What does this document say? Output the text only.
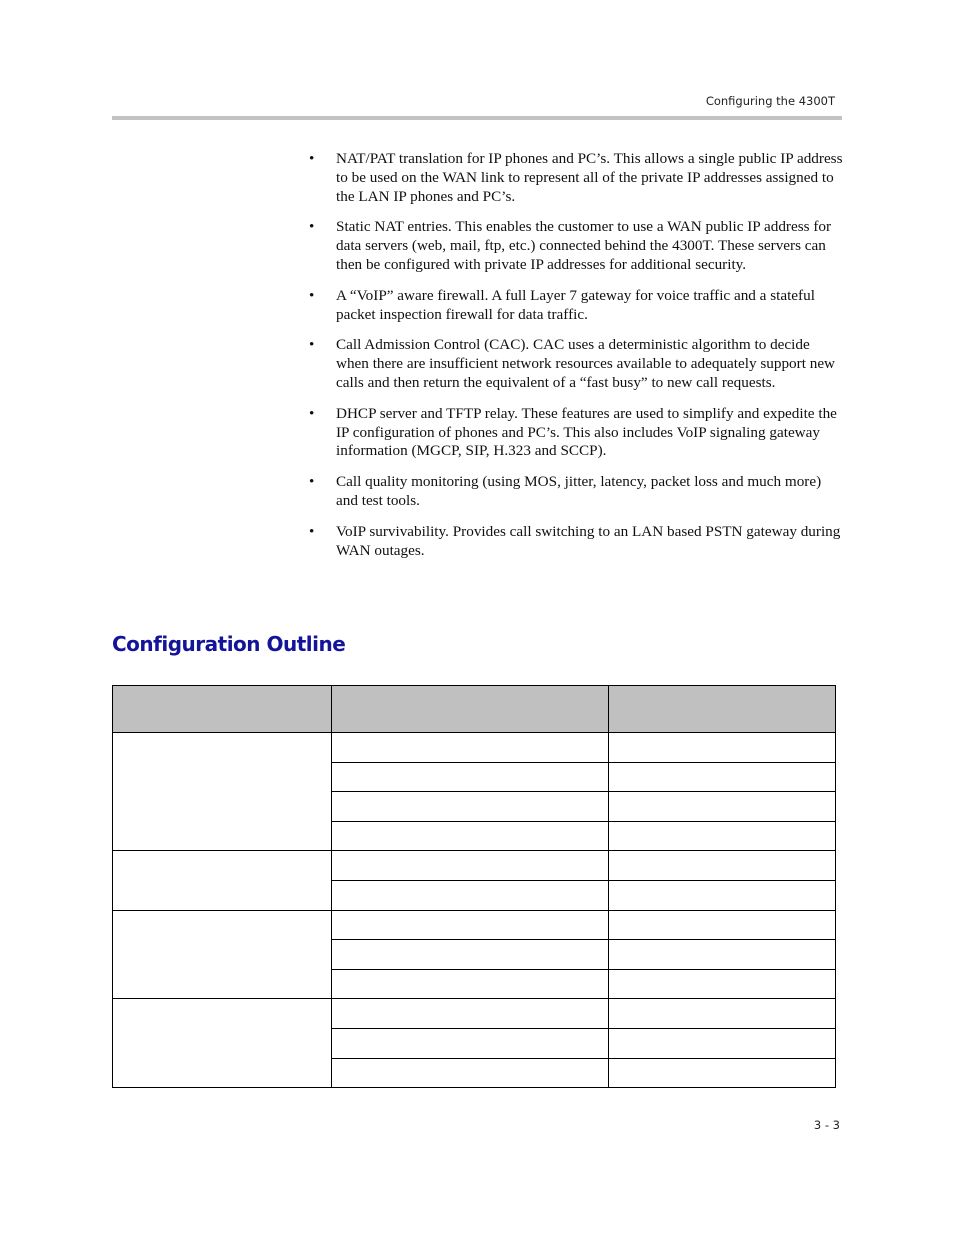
Configuring the 4300T
• NAT/PAT translation for IP phones and PC’s. This allows a single public IP address to be used on the WAN link to represent all of the private IP addresses assigned to the LAN IP phones and PC’s.
• Static NAT entries. This enables the customer to use a WAN public IP address for data servers (web, mail, ftp, etc.) connected behind the 4300T. These servers can then be configured with private IP addresses for additional security.
• A “VoIP” aware firewall. A full Layer 7 gateway for voice traffic and a stateful packet inspection firewall for data traffic.
• Call Admission Control (CAC). CAC uses a deterministic algorithm to decide when there are insufficient network resources available to adequately support new calls and then return the equivalent of a “fast busy” to new call requests.
• DHCP server and TFTP relay. These features are used to simplify and expedite the IP configuration of phones and PC’s. This also includes VoIP signaling gateway information (MGCP, SIP, H.323 and SCCP).
• Call quality monitoring (using MOS, jitter, latency, packet loss and much more) and test tools.
• VoIP survivability. Provides call switching to an LAN based PSTN gateway during WAN outages.
Configuration Outline

3 - 3
